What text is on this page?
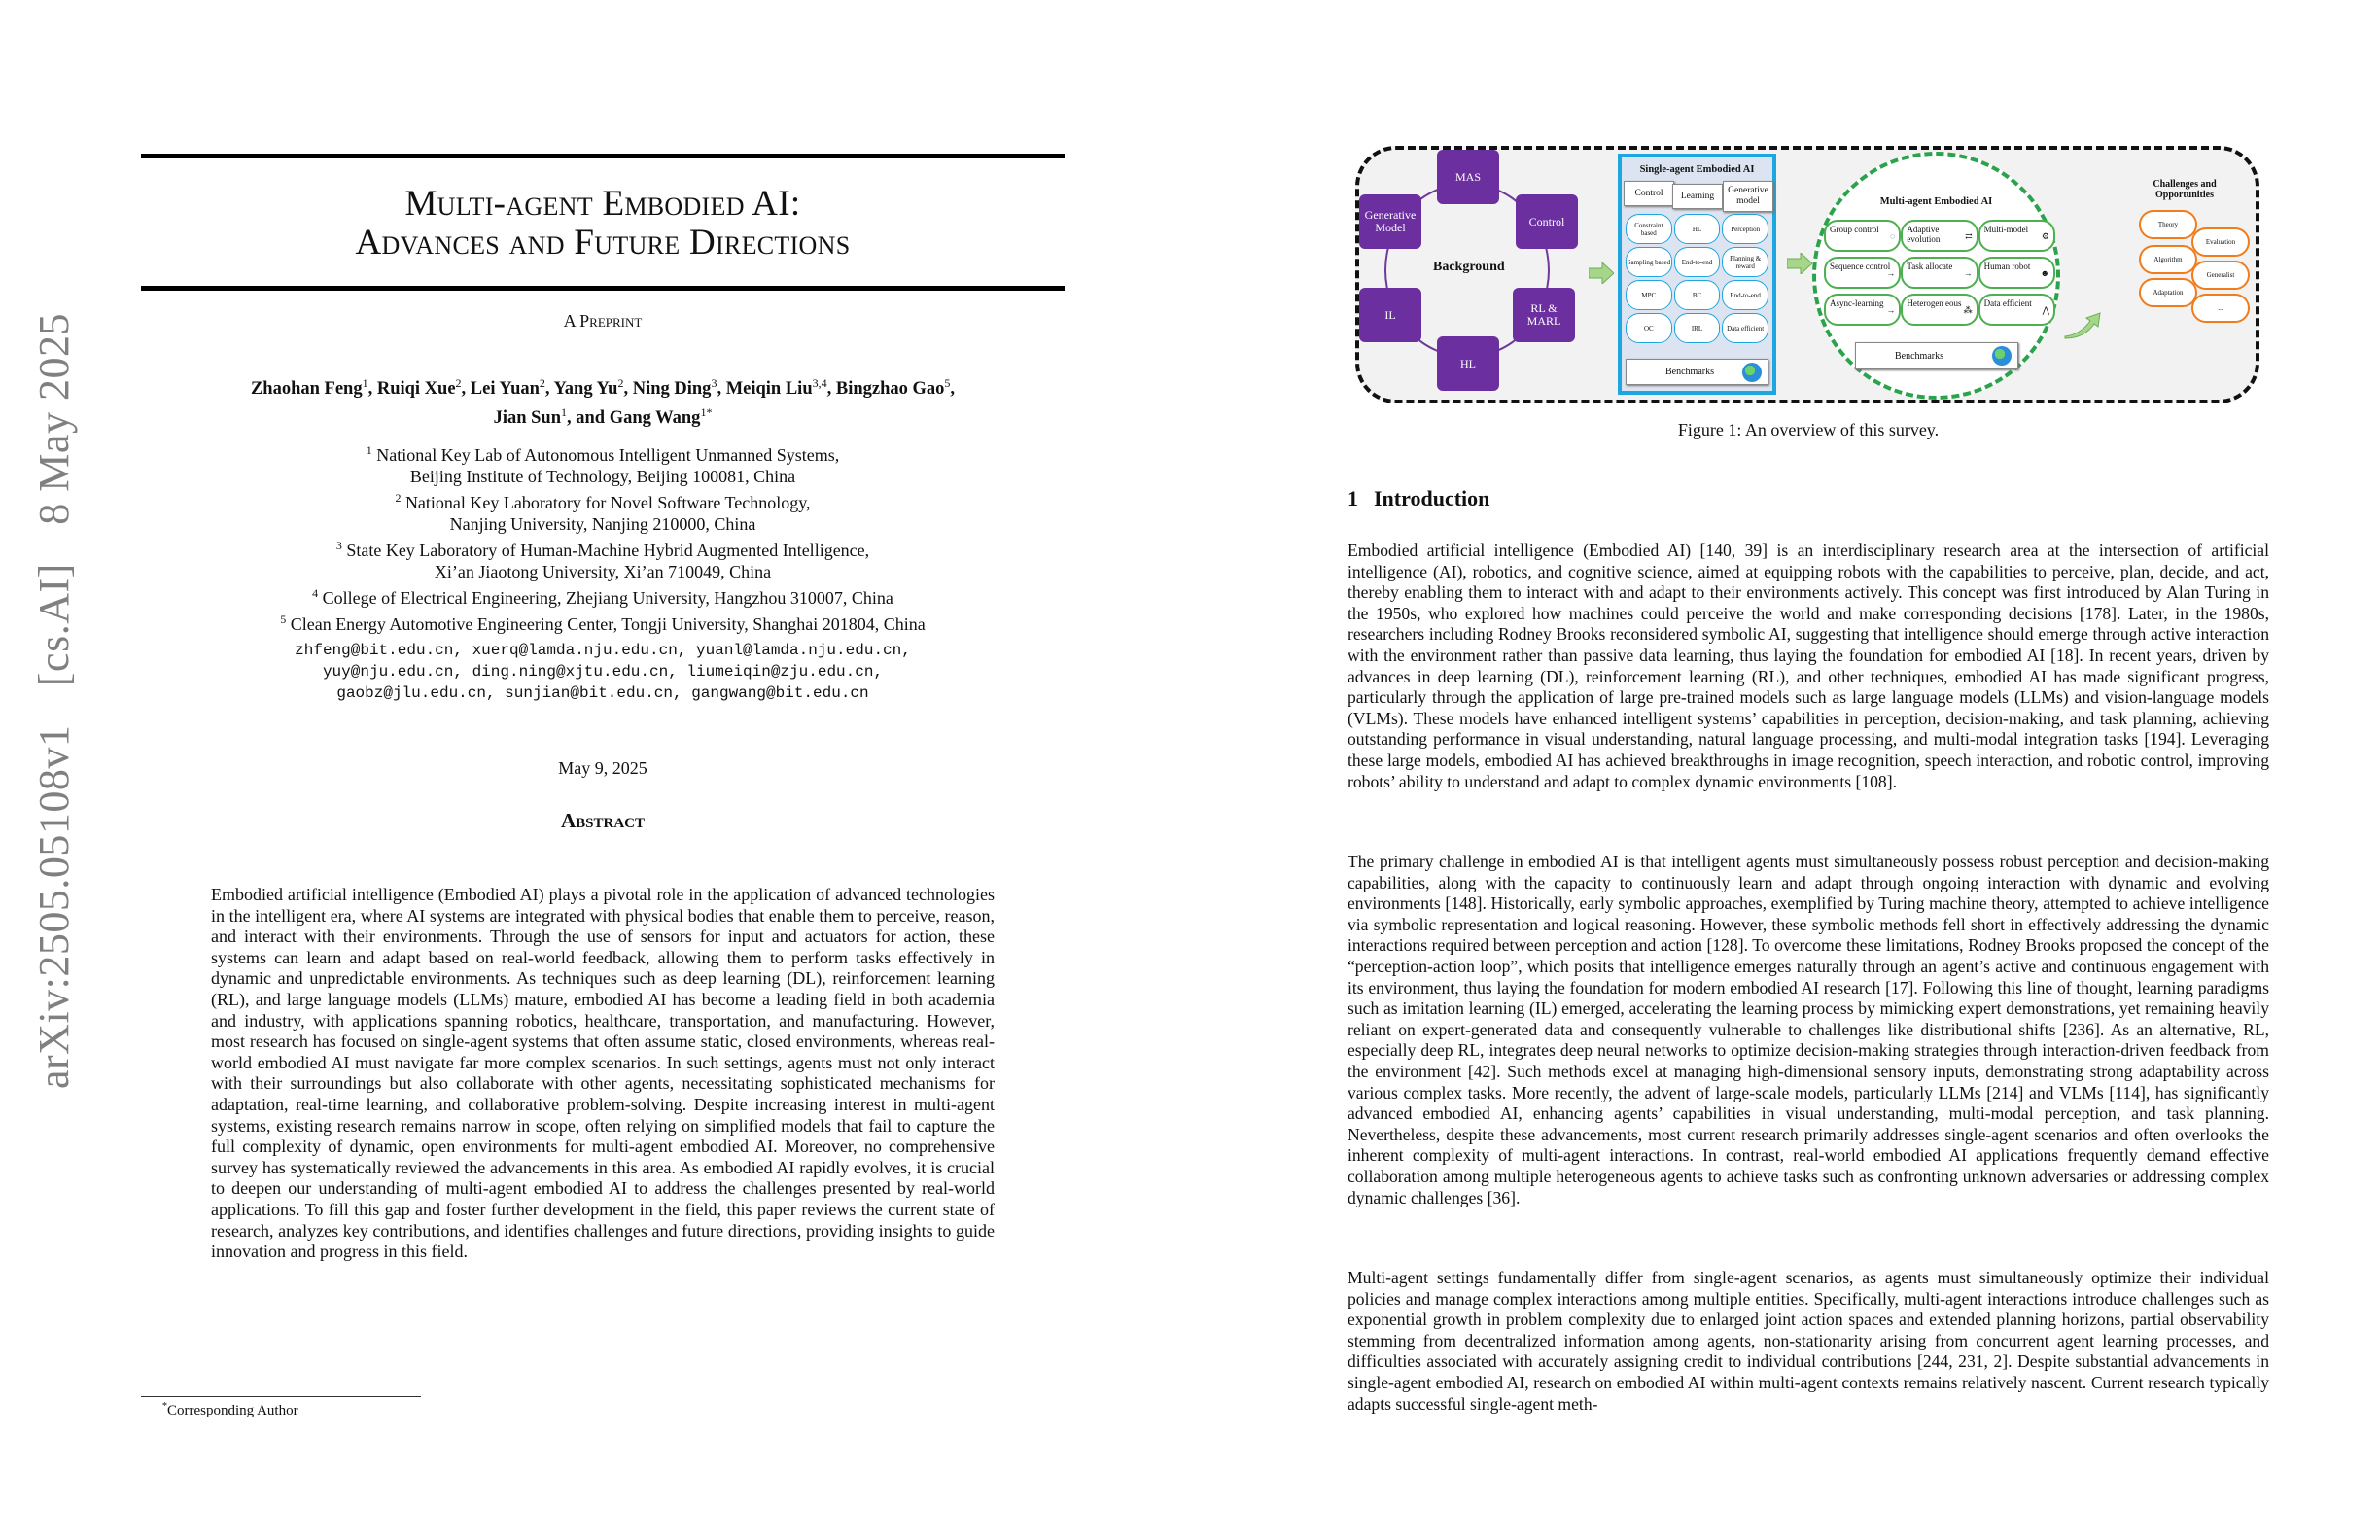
arXiv:2505.05108v1 [cs.AI] 8 May 2025
Multi-agent Embodied AI:
Advances and Future Directions
A Preprint
Zhaohan Feng$^1$, Ruiqi Xue$^2$, Lei Yuan$^2$, Yang Yu$^2$, Ning Ding$^3$, Meiqin Liu$^{3,4}$, Bingzhao Gao$^5$,
Jian Sun$^1$, and Gang Wang$^{1*}$
$^1$ National Key Lab of Autonomous Intelligent Unmanned Systems,
Beijing Institute of Technology, Beijing 100081, China
$^2$ National Key Laboratory for Novel Software Technology,
Nanjing University, Nanjing 210000, China
$^3$ State Key Laboratory of Human-Machine Hybrid Augmented Intelligence,
Xi’an Jiaotong University, Xi’an 710049, China
$^4$ College of Electrical Engineering, Zhejiang University, Hangzhou 310007, China
$^5$ Clean Energy Automotive Engineering Center, Tongji University, Shanghai 201804, China
zhfeng@bit.edu.cn, xuerq@lamda.nju.edu.cn, yuanl@lamda.nju.edu.cn,
yuy@nju.edu.cn, ding.ning@xjtu.edu.cn, liumeiqin@zju.edu.cn,
gaobz@jlu.edu.cn, sunjian@bit.edu.cn, gangwang@bit.edu.cn
May 9, 2025
Abstract
Embodied artificial intelligence (Embodied AI) plays a pivotal role in the application of advanced technologies in the intelligent era, where AI systems are integrated with physical bodies that enable them to perceive, reason, and interact with their environments. Through the use of sensors for input and actuators for action, these systems can learn and adapt based on real-world feedback, allowing them to perform tasks effectively in dynamic and unpredictable environments. As techniques such as deep learning (DL), reinforcement learning (RL), and large language models (LLMs) mature, embodied AI has become a leading field in both academia and industry, with applications spanning robotics, healthcare, transportation, and manufacturing. However, most research has focused on single-agent systems that often assume static, closed environments, whereas real-world embodied AI must navigate far more complex scenarios. In such settings, agents must not only interact with their surroundings but also collaborate with other agents, necessitating sophisticated mechanisms for adaptation, real-time learning, and collaborative problem-solving. Despite increasing interest in multi-agent systems, existing research remains narrow in scope, often relying on simplified models that fail to capture the full complexity of dynamic, open environments for multi-agent embodied AI. Moreover, no comprehensive survey has systematically reviewed the advancements in this area. As embodied AI rapidly evolves, it is crucial to deepen our understanding of multi-agent embodied AI to address the challenges presented by real-world applications. To fill this gap and foster further development in the field, this paper reviews the current state of research, analyzes key contributions, and identifies challenges and future directions, providing insights to guide innovation and progress in this field.
*Corresponding Author
MAS
Control
RL & MARL
HL
IL
Generative Model
Background
Single-agent Embodied AI
Control	Learning
Generative model
Constraint based	HL	Perception
Sampling based	End-to-end	Planning & reward
MPC	BC	End-to-end
OC	IRL	Data efficient
Benchmarks
Multi-agent Embodied AI
Group control
◌
Adaptive evolution	⇄
Multi-model
⚙
Sequence control
→
Task allocate
→
Human robot
☻
Async-learning
→
Heterogen eous
⁂
Data efficient
⋀
Benchmarks
Challenges and Opportunities
Theory
Evaluation
Algorithm
Generalist
Adaptation
...
Figure 1: An overview of this survey.
1 Introduction
Embodied artificial intelligence (Embodied AI) [140, 39] is an interdisciplinary research area at the intersection of artificial intelligence (AI), robotics, and cognitive science, aimed at equipping robots with the capabilities to perceive, plan, decide, and act, thereby enabling them to interact with and adapt to their environments actively. This concept was first introduced by Alan Turing in the 1950s, who explored how machines could perceive the world and make corresponding decisions [178]. Later, in the 1980s, researchers including Rodney Brooks reconsidered symbolic AI, suggesting that intelligence should emerge through active interaction with the environment rather than passive data learning, thus laying the foundation for embodied AI [18]. In recent years, driven by advances in deep learning (DL), reinforcement learning (RL), and other techniques, embodied AI has made significant progress, particularly through the application of large pre-trained models such as large language models (LLMs) and vision-language models (VLMs). These models have enhanced intelligent systems’ capabilities in perception, decision-making, and task planning, achieving outstanding performance in visual understanding, natural language processing, and multi-modal integration tasks [194]. Leveraging these large models, embodied AI has achieved breakthroughs in image recognition, speech interaction, and robotic control, improving robots’ ability to understand and adapt to complex dynamic environments [108].
The primary challenge in embodied AI is that intelligent agents must simultaneously possess robust perception and decision-making capabilities, along with the capacity to continuously learn and adapt through ongoing interaction with dynamic and evolving environments [148]. Historically, early symbolic approaches, exemplified by Turing machine theory, attempted to achieve intelligence via symbolic representation and logical reasoning. However, these symbolic methods fell short in effectively addressing the dynamic interactions required between perception and action [128]. To overcome these limitations, Rodney Brooks proposed the concept of the “perception-action loop”, which posits that intelligence emerges naturally through an agent’s active and continuous engagement with its environment, thus laying the foundation for modern embodied AI research [17]. Following this line of thought, learning paradigms such as imitation learning (IL) emerged, accelerating the learning process by mimicking expert demonstrations, yet remaining heavily reliant on expert-generated data and consequently vulnerable to challenges like distributional shifts [236]. As an alternative, RL, especially deep RL, integrates deep neural networks to optimize decision-making strategies through interaction-driven feedback from the environment [42]. Such methods excel at managing high-dimensional sensory inputs, demonstrating strong adaptability across various complex tasks. More recently, the advent of large-scale models, particularly LLMs [214] and VLMs [114], has significantly advanced embodied AI, enhancing agents’ capabilities in visual understanding, multi-modal perception, and task planning. Nevertheless, despite these advancements, most current research primarily addresses single-agent scenarios and often overlooks the inherent complexity of multi-agent interactions. In contrast, real-world embodied AI applications frequently demand effective collaboration among multiple heterogeneous agents to achieve tasks such as confronting unknown adversaries or addressing complex dynamic challenges [36].
Multi-agent settings fundamentally differ from single-agent scenarios, as agents must simultaneously optimize their individual policies and manage complex interactions among multiple entities. Specifically, multi-agent interactions introduce challenges such as exponential growth in problem complexity due to enlarged joint action spaces and extended planning horizons, partial observability stemming from decentralized information among agents, non-stationarity arising from concurrent agent learning processes, and difficulties associated with accurately assigning credit to individual contributions [244, 231, 2]. Despite substantial advancements in single-agent embodied AI, research on embodied AI within multi-agent contexts remains relatively nascent. Current research typically adapts successful single-agent meth-
